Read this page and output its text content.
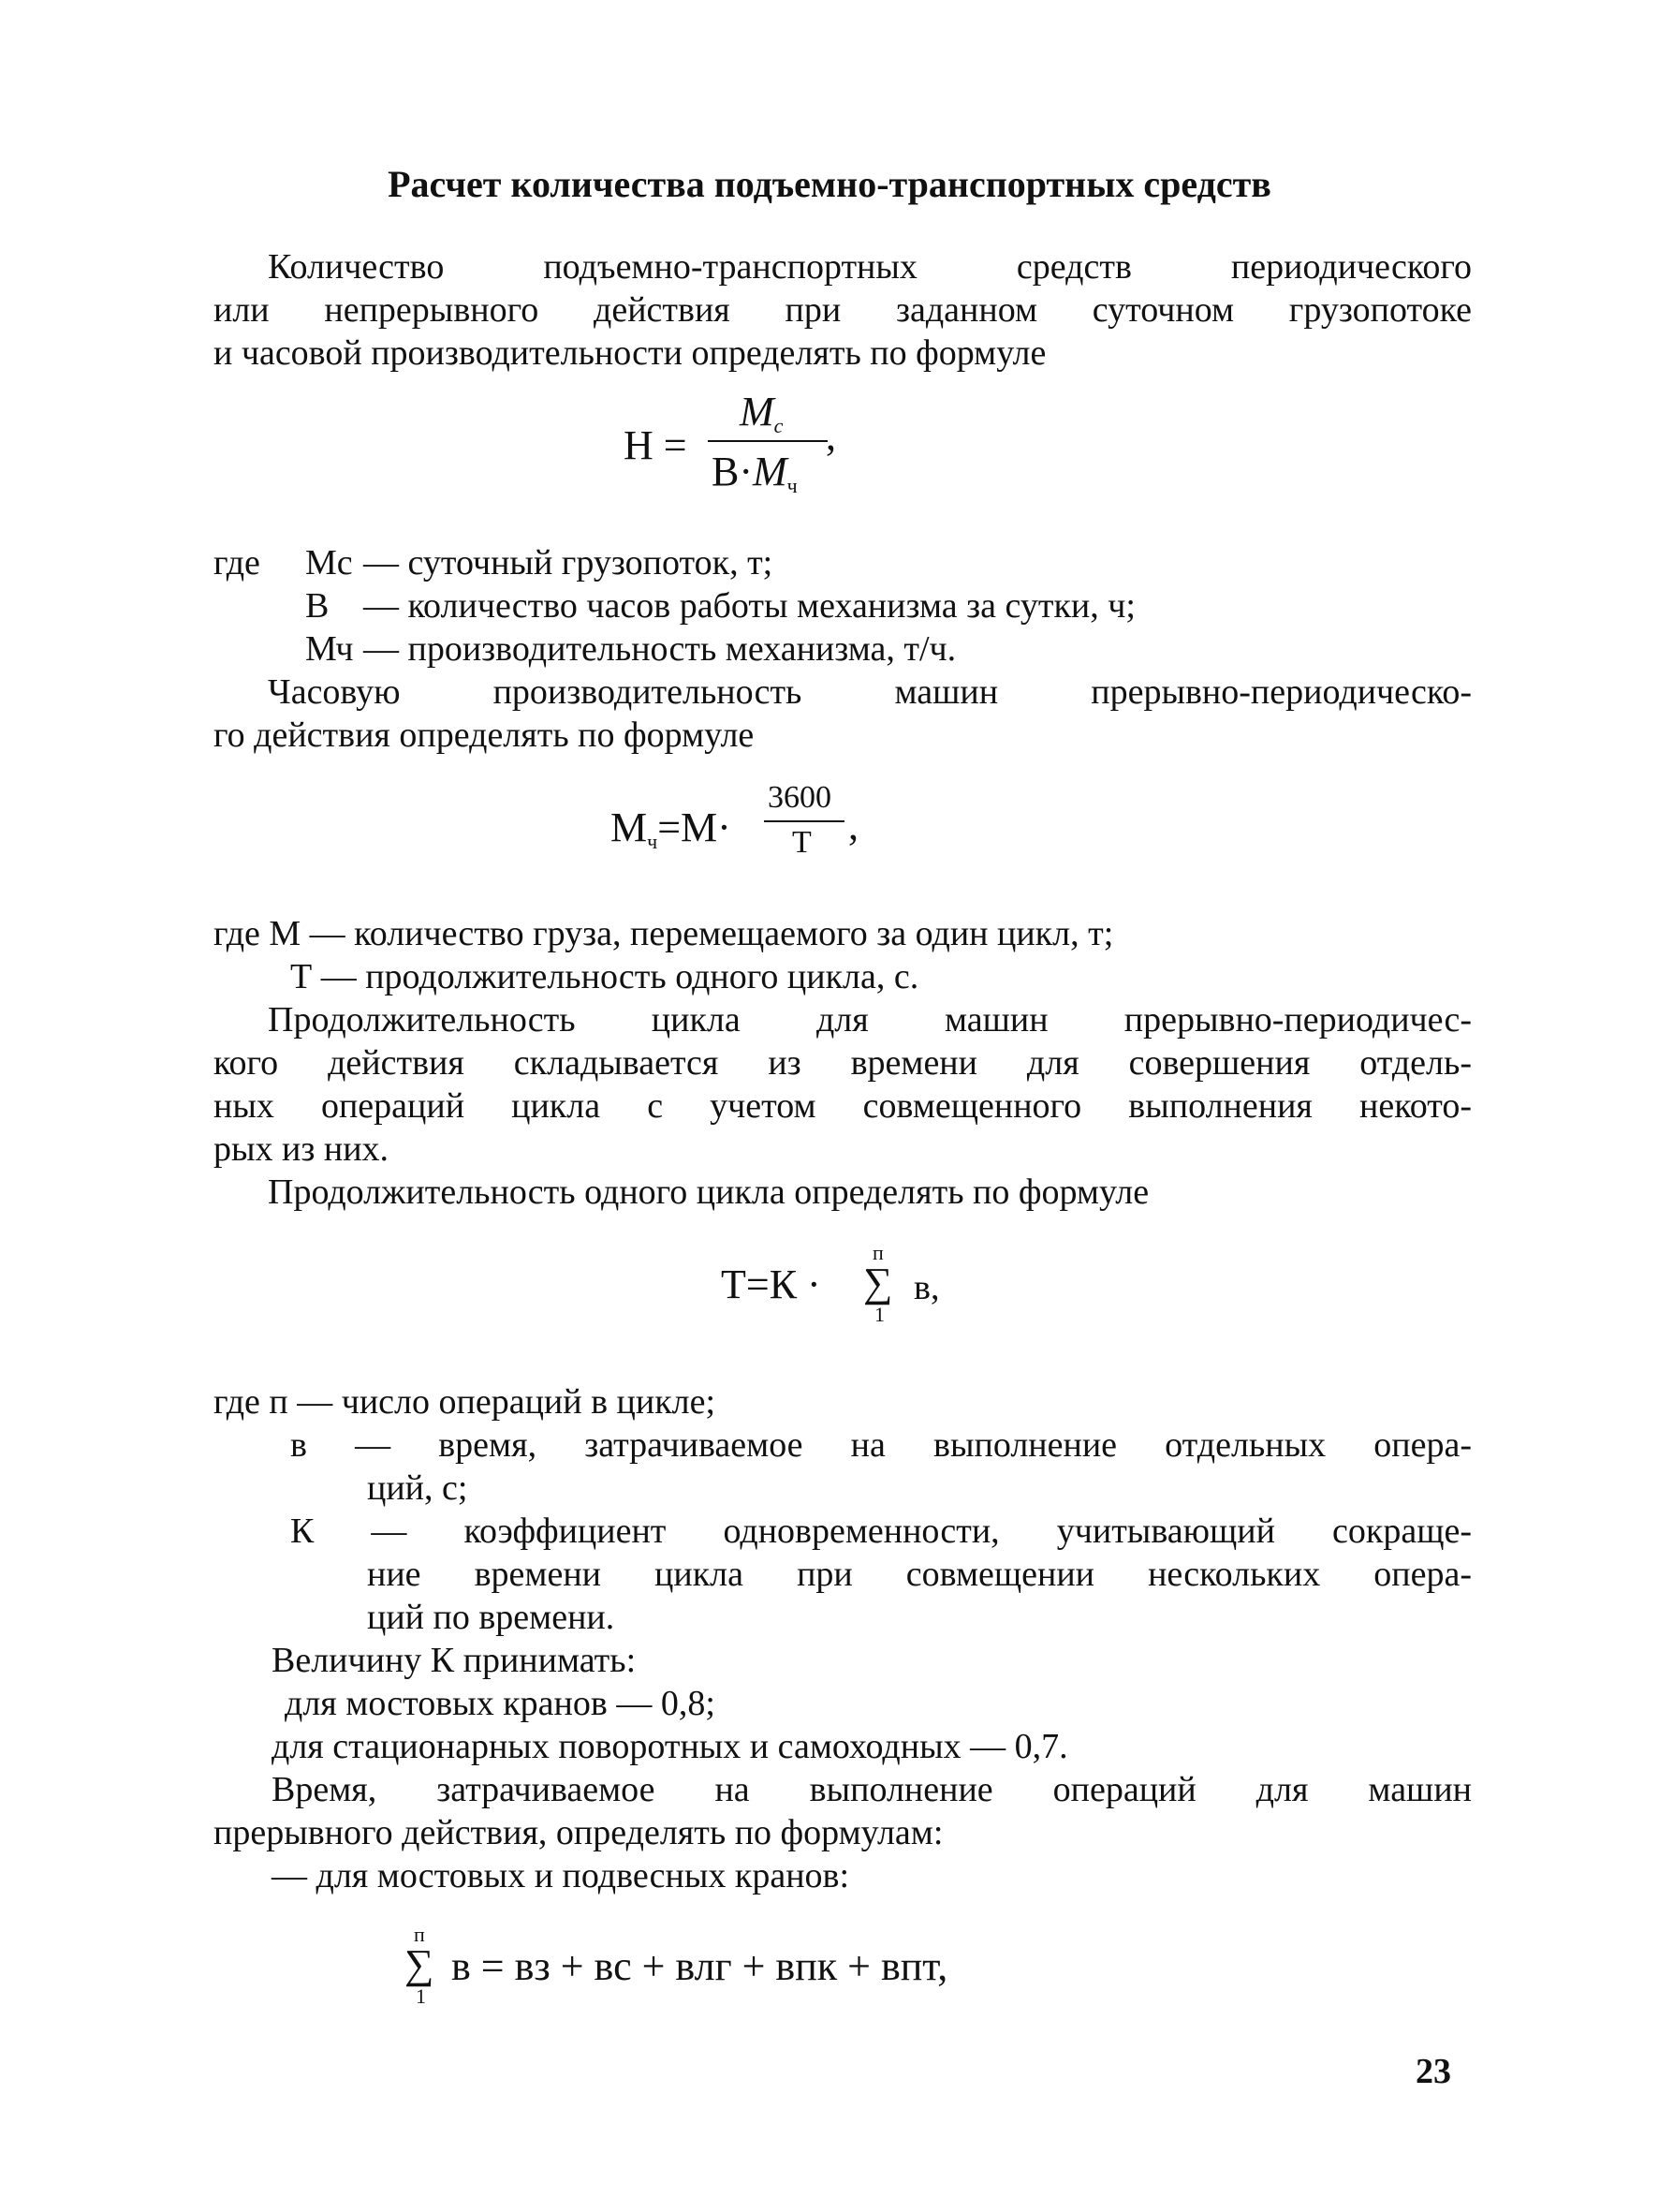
Расчет количества подъемно-транспортных средств
Количество подъемно-транспортных средств периодического
или непрерывного действия при заданном суточном грузопотоке
и часовой производительности определять по формуле
Н =
$М_с$
$В\cdot М_ч$
,
где Мс — суточный грузопоток, т;
В — количество часов работы механизма за сутки, ч;
Мч — производительность механизма, т/ч.
Часовую производительность машин прерывно-периодическо-
го действия определять по формуле
$М_ч=М\cdot$
3600
Т ,
где М — количество груза, перемещаемого за один цикл, т;
Т — продолжительность одного цикла, с.
Продолжительность цикла для машин прерывно-периодичес-
кого действия складывается из времени для совершения отдель-
ных операций цикла с учетом совмещенного выполнения некото-
рых из них.
Продолжительность одного цикла определять по формуле
Т=К ·
п
∑
1
в,
где п — число операций в цикле;
в — время, затрачиваемое на выполнение отдельных опера-
ций, с;
К — коэффициент одновременности, учитывающий сокраще-
ние времени цикла при совмещении нескольких опера-
ций по времени.
Величину К принимать:
для мостовых кранов — 0,8;
для стационарных поворотных и самоходных — 0,7.
Время, затрачиваемое на выполнение операций для машин
прерывного действия, определять по формулам:
— для мостовых и подвесных кранов:
п
∑
1
в = вз + вс + влг + впк + впт,
23
